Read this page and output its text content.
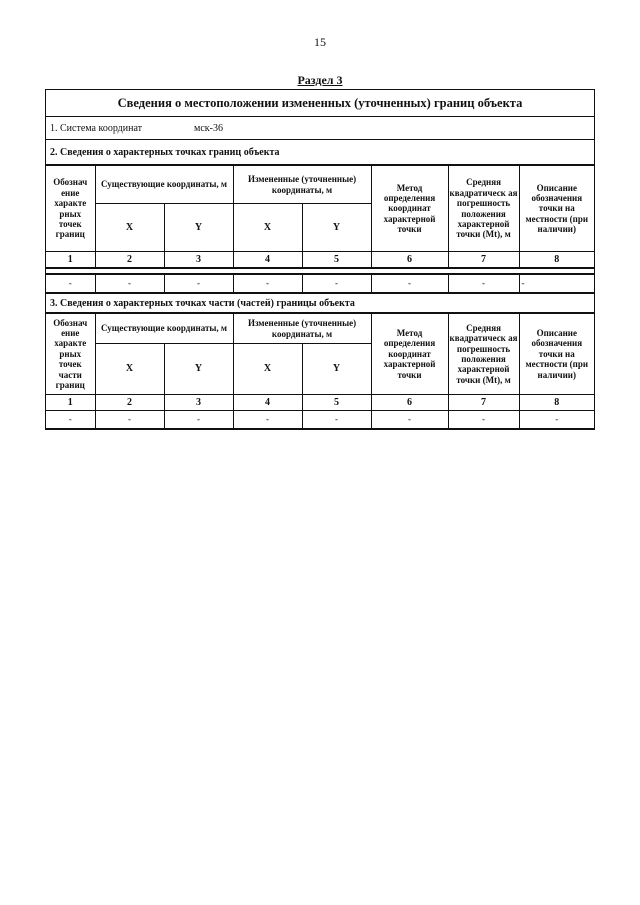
15
Раздел 3
Сведения о местоположении измененных (уточненных) границ объекта
1. Система координат	мск-36
2. Сведения о характерных точках границ объекта
Обознач ение характе рных точек границ	Существующие координаты, м		Измененные (уточненные) координаты, м		Метод определения координат характерной точки	Средняя квадратическ ая погрешность положения характерной точки (Mt), м	Описание обозначения точки на местности (при наличии)
	X	Y	X	Y			
1	2	3	4	5	6	7	8
-	-	-	-	-	-	-	-
3. Сведения о характерных точках части (частей) границы объекта
Обознач ение характе рных точек части границ	Существующие координаты, м		Измененные (уточненные) координаты, м		Метод определения координат характерной точки	Средняя квадратическ ая погрешность положения характерной точки (Mt), м	Описание обозначения точки на местности (при наличии)
	X	Y	X	Y			
1	2	3	4	5	6	7	8
-	-	-	-	-	-	-	-
